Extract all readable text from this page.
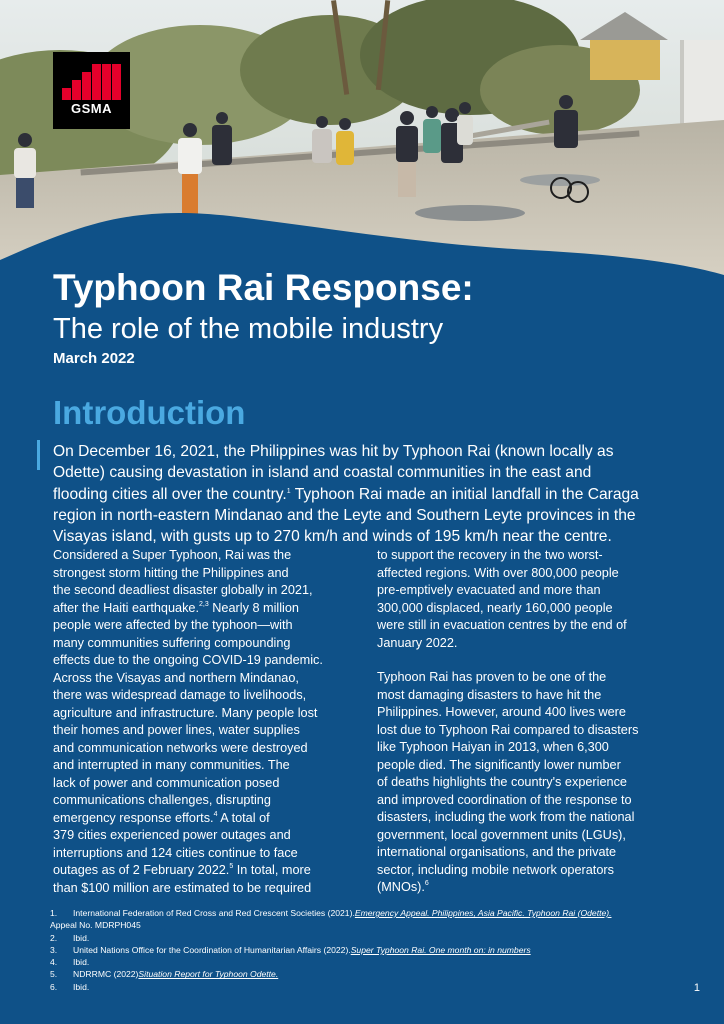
GSMA
Typhoon Rai Response:
The role of the mobile industry
March 2022
Introduction
On December 16, 2021, the Philippines was hit by Typhoon Rai (known locally as
Odette) causing devastation in island and coastal communities in the east and
flooding cities all over the country.$^1$ Typhoon Rai made an initial landfall in the Caraga
region in north-eastern Mindanao and the Leyte and Southern Leyte provinces in the
Visayas island, with gusts up to 270 km/h and winds of 195 km/h near the centre.
Considered a Super Typhoon, Rai was the
strongest storm hitting the Philippines and
the second deadliest disaster globally in 2021,
after the Haiti earthquake.$^{2,3}$ Nearly 8 million
people were affected by the typhoon—with
many communities suffering compounding
effects due to the ongoing COVID-19 pandemic.
Across the Visayas and northern Mindanao,
there was widespread damage to livelihoods,
agriculture and infrastructure. Many people lost
their homes and power lines, water supplies
and communication networks were destroyed
and interrupted in many communities. The
lack of power and communication posed
communications challenges, disrupting
emergency response efforts.$^4$ A total of
379 cities experienced power outages and
interruptions and 124 cities continue to face
outages as of 2 February 2022.$^5$ In total, more
than $100 million are estimated to be required
to support the recovery in the two worst-
affected regions. With over 800,000 people
pre-emptively evacuated and more than
300,000 displaced, nearly 160,000 people
were still in evacuation centres by the end of
January 2022.
Typhoon Rai has proven to be one of the
most damaging disasters to have hit the
Philippines. However, around 400 lives were
lost due to Typhoon Rai compared to disasters
like Typhoon Haiyan in 2013, when 6,300
people died. The significantly lower number
of deaths highlights the country's experience
and improved coordination of the response to
disasters, including the work from the national
government, local government units (LGUs),
international organisations, and the private
sector, including mobile network operators
(MNOs).$^6$
1.	International Federation of Red Cross and Red Crescent Societies (2021). Emergency Appeal. Philippines, Asia Pacific. Typhoon Rai (Odette).
Appeal No. MDRPH045
2.	Ibid.
3.	United Nations Office for the Coordination of Humanitarian Affairs (2022). Super Typhoon Rai. One month on: in numbers
4.	Ibid.
5.	NDRRMC (2022) Situation Report for Typhoon Odette.
6.	Ibid.	1
